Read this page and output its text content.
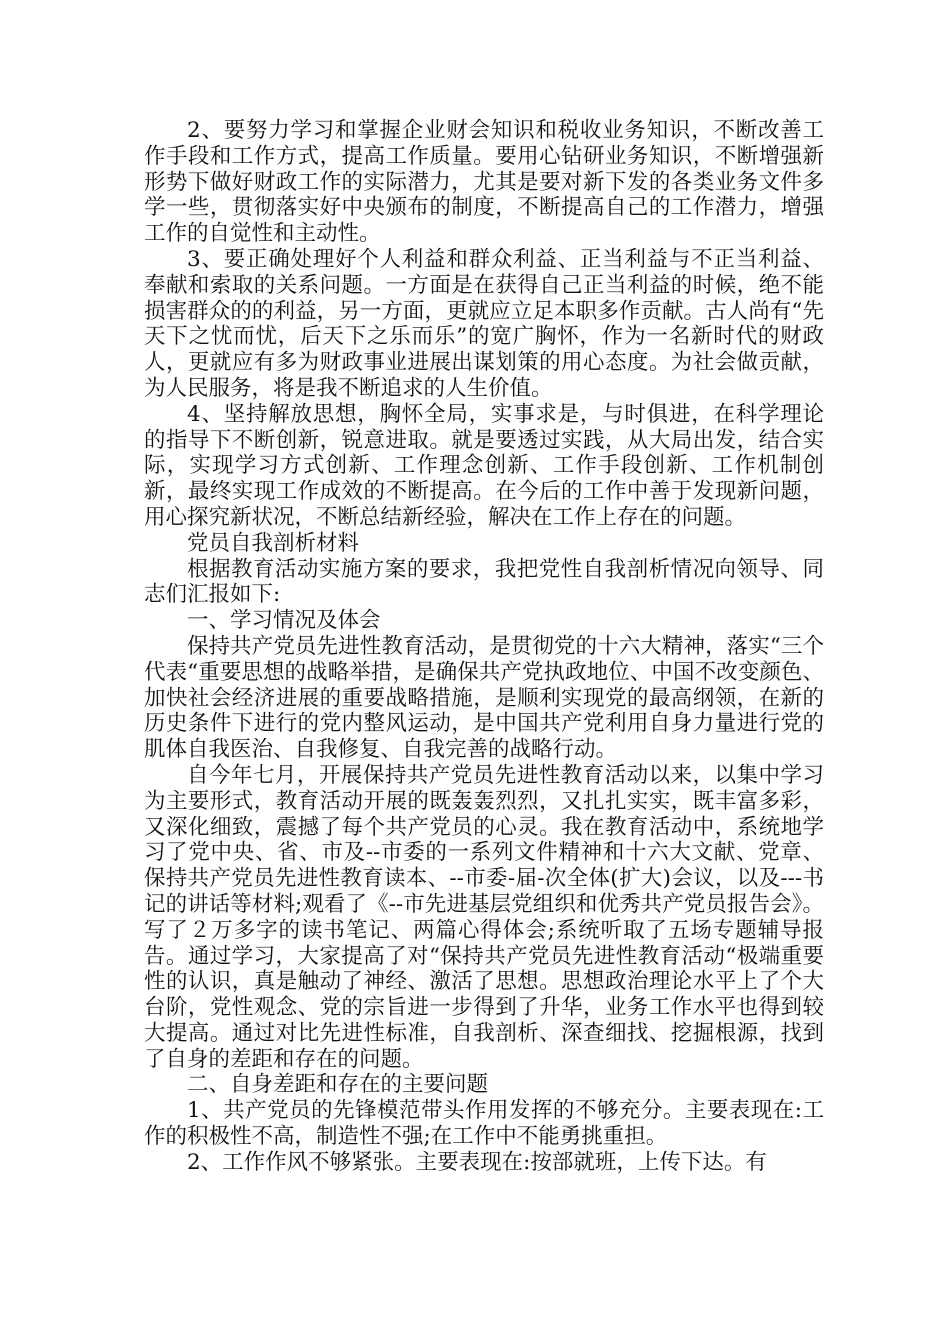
2、要努力学习和掌握企业财会知识和税收业务知识，不断改善工作手段和工作方式，提高工作质量。要用心钻研业务知识，不断增强新形势下做好财政工作的实际潜力，尤其是要对新下发的各类业务文件多学一些，贯彻落实好中央颁布的制度，不断提高自己的工作潜力，增强工作的自觉性和主动性。

3、要正确处理好个人利益和群众利益、正当利益与不正当利益、奉献和索取的关系问题。一方面是在获得自己正当利益的时候，绝不能损害群众的的利益，另一方面，更就应立足本职多作贡献。古人尚有“先天下之忧而忧，后天下之乐而乐”的宽广胸怀，作为一名新时代的财政人，更就应有多为财政事业进展出谋划策的用心态度。为社会做贡献，为人民服务，将是我不断追求的人生价值。

4、坚持解放思想，胸怀全局，实事求是，与时俱进，在科学理论的指导下不断创新，锐意进取。就是要透过实践，从大局出发，结合实际，实现学习方式创新、工作理念创新、工作手段创新、工作机制创新，最终实现工作成效的不断提高。在今后的工作中善于发现新问题，用心探究新状况，不断总结新经验，解决在工作上存在的问题。

党员自我剖析材料

根据教育活动实施方案的要求，我把党性自我剖析情况向领导、同志们汇报如下:

一、学习情况及体会

保持共产党员先进性教育活动，是贯彻党的十六大精神，落实“三个代表“重要思想的战略举措，是确保共产党执政地位、中国不改变颜色、加快社会经济进展的重要战略措施，是顺利实现党的最高纲领，在新的历史条件下进行的党内整风运动，是中国共产党利用自身力量进行党的肌体自我医治、自我修复、自我完善的战略行动。

自今年七月，开展保持共产党员先进性教育活动以来，以集中学习为主要形式，教育活动开展的既轰轰烈烈，又扎扎实实，既丰富多彩，又深化细致，震撼了每个共产党员的心灵。我在教育活动中，系统地学习了党中央、省、市及--市委的一系列文件精神和十六大文献、党章、保持共产党员先进性教育读本、--市委-届-次全体(扩大)会议，以及---书记的讲话等材料;观看了《--市先进基层党组织和优秀共产党员报告会》。写了２万多字的读书笔记、两篇心得体会;系统听取了五场专题辅导报告。通过学习，大家提高了对“保持共产党员先进性教育活动“极端重要性的认识，真是触动了神经、激活了思想。思想政治理论水平上了个大台阶，党性观念、党的宗旨进一步得到了升华，业务工作水平也得到较大提高。通过对比先进性标准，自我剖析、深查细找、挖掘根源，找到了自身的差距和存在的问题。

二、自身差距和存在的主要问题

1、共产党员的先锋模范带头作用发挥的不够充分。主要表现在:工作的积极性不高，制造性不强;在工作中不能勇挑重担。

2、工作作风不够紧张。主要表现在:按部就班，上传下达。有
